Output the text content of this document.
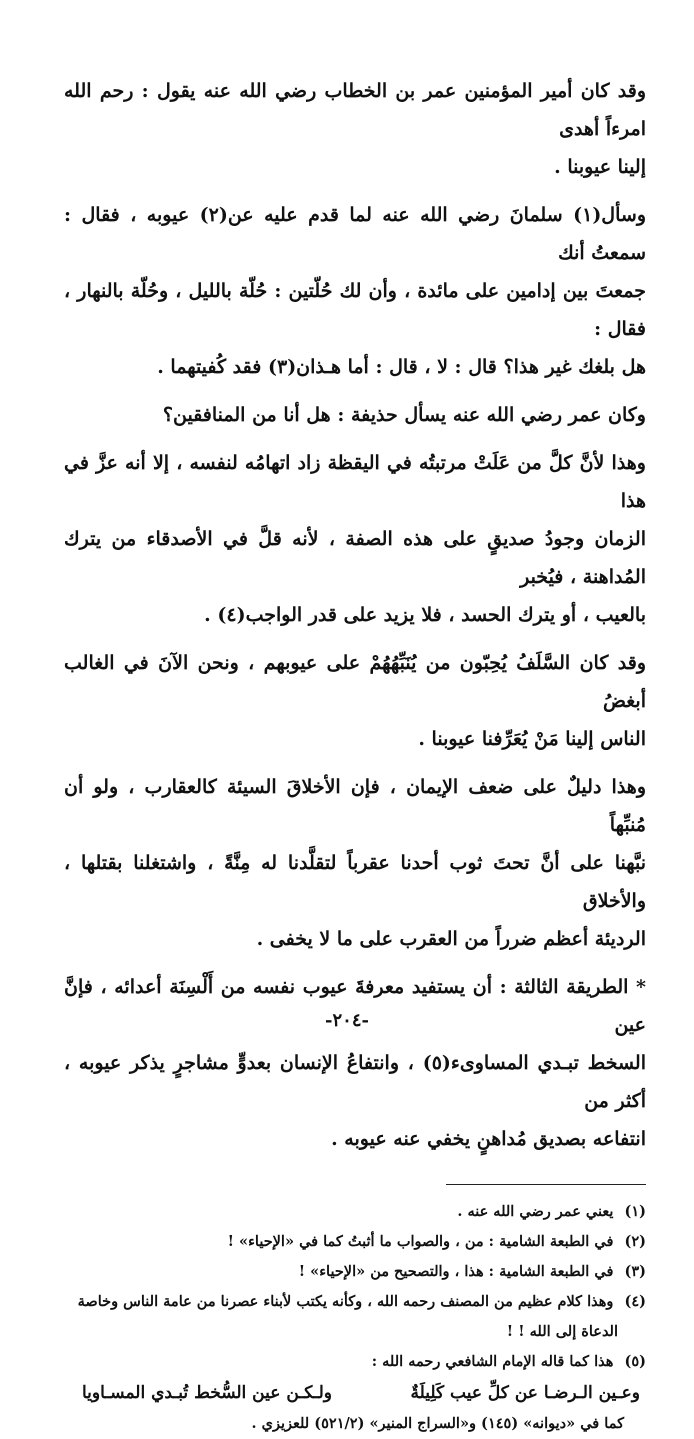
وقد كان أمير المؤمنين عمر بن الخطاب رضي الله عنه يقول : رحم الله امرءاً أهدى
إلينا عيوبنا .

وسأل(١) سلمانَ رضي الله عنه لما قدم عليه عن(٢) عيوبه ، فقال : سمعتُ أنك
جمعتَ بين إدامين على مائدة ، وأن لك حُلّتين : حُلّة بالليل ، وحُلّة بالنهار ، فقال :
هل بلغك غير هذا؟ قال : لا ، قال : أما هـذان(٣) فقد كُفيتهما .

وكان عمر رضي الله عنه يسأل حذيفة : هل أنا من المنافقين؟

وهذا لأنَّ كلَّ من عَلَتْ مرتبتُه في اليقظة زاد اتهامُه لنفسه ، إلا أنه عزَّ في هذا
الزمان وجودُ صديقٍ على هذه الصفة ، لأنه قلَّ في الأصدقاء من يترك المُداهنة ، فيُخبر
بالعيب ، أو يترك الحسد ، فلا يزيد على قدر الواجب(٤) .

وقد كان السَّلَفُ يُحِبّون من يُنَبِّهُهُمْ على عيوبهم ، ونحن الآنَ في الغالب أبغضُ
الناس إلينا مَنْ يُعَرِّفنا عيوبنا .

وهذا دليلٌ على ضعف الإيمان ، فإن الأخلاقَ السيئة كالعقارب ، ولو أن مُنبِّهاً
نبَّهنا على أنَّ تحتَ ثوب أحدنا عقرباً لتقلَّدنا له مِنَّةً ، واشتغلنا بقتلها ، والأخلاق
الرديئة أعظم ضرراً من العقرب على ما لا يخفى .

* الطريقة الثالثة : أن يستفيد معرفةَ عيوب نفسه من أَلْسِنَة أعدائه ، فإنَّ عين
السخط تبـدي المساوىء(٥) ، وانتفاعُ الإنسان بعدوٍّ مشاجرٍ يذكر عيوبه ، أكثر من
انتفاعه بصديق مُداهنٍ يخفي عنه عيوبه .

(١) يعني عمر رضي الله عنه .

(٢) في الطبعة الشامية : من ، والصواب ما أثبتُ كما في «الإحياء» !

(٣) في الطبعة الشامية : هذا ، والتصحيح من «الإحياء» !

(٤) وهذا كلام عظيم من المصنف رحمه الله ، وكأنه يكتب لأبناء عصرنا من عامة الناس وخاصة
الدعاة إلى الله ! !

(٥) هذا كما قاله الإمام الشافعي رحمه الله :

وعـين الـرضـا عن كلِّ عيب كَلِيلَةٌ
ولـكـن عين السُّخط تُبـدي المسـاويا

كما في «ديوانه» (١٤٥) و«السراج المنير» (٥٢١/٢) للعزيزي .

-٢٠٤-
